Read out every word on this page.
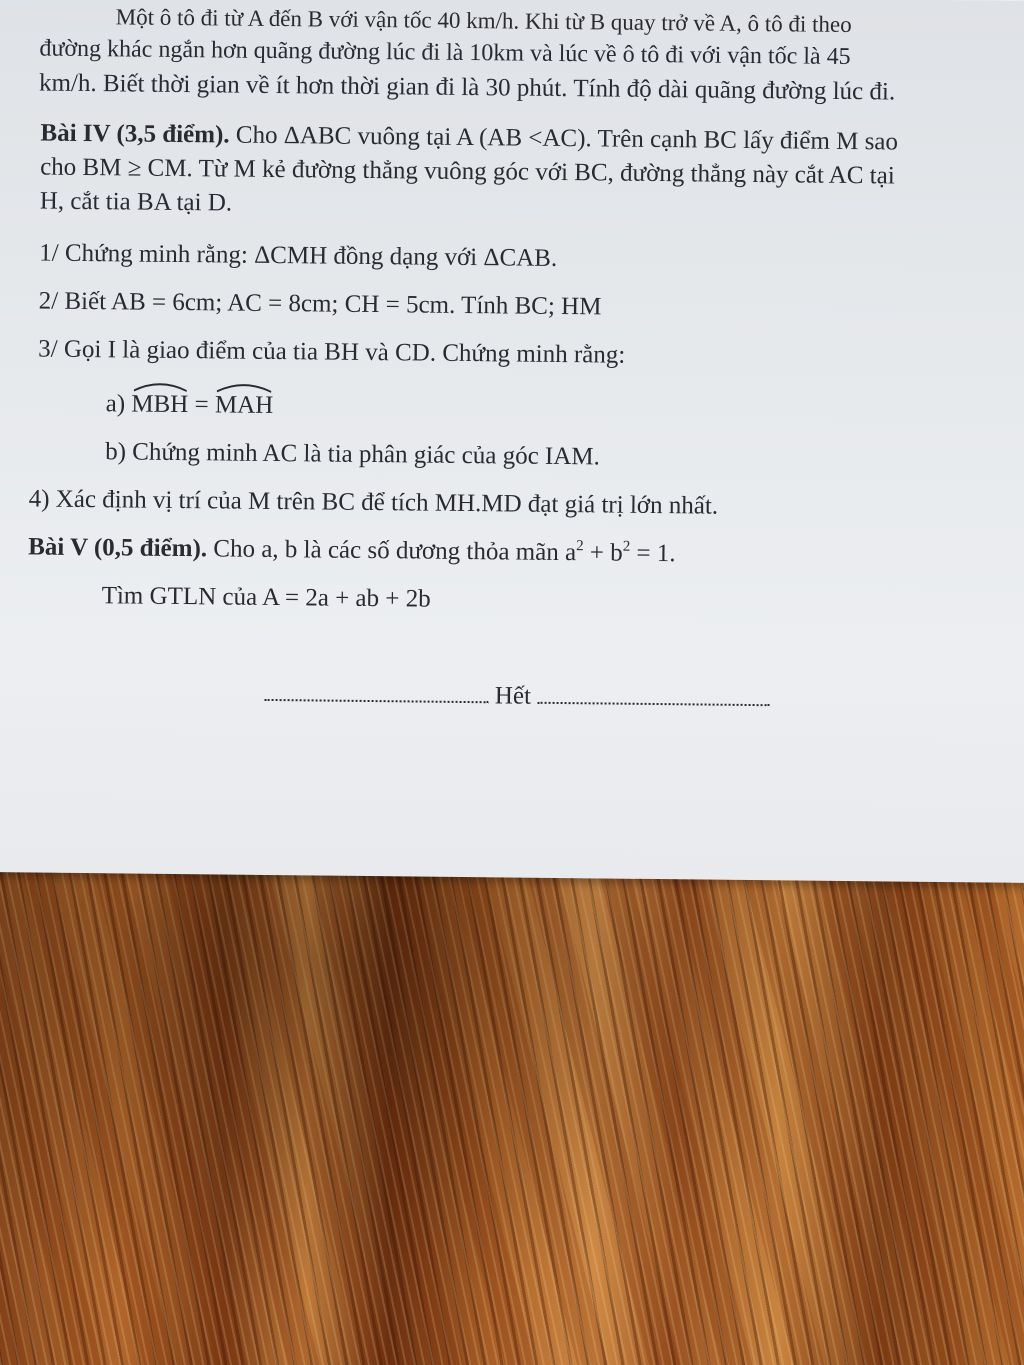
Một ô tô đi từ A đến B với vận tốc 40 km/h. Khi từ B quay trở về A, ô tô đi theo
đường khác ngắn hơn quãng đường lúc đi là 10km và lúc về ô tô đi với vận tốc là 45
km/h. Biết thời gian về ít hơn thời gian đi là 30 phút. Tính độ dài quãng đường lúc đi.
Bài IV (3,5 điểm). Cho ΔABC vuông tại A (AB <AC). Trên cạnh BC lấy điểm M sao
cho BM ≥ CM. Từ M kẻ đường thẳng vuông góc với BC, đường thẳng này cắt AC tại
H, cắt tia BA tại D.
1/ Chứng minh rằng: ΔCMH đồng dạng với ΔCAB.
2/ Biết AB = 6cm; AC = 8cm; CH = 5cm. Tính BC; HM
3/ Gọi I là giao điểm của tia BH và CD. Chứng minh rằng:
a)
MBH =
MAH
b) Chứng minh AC là tia phân giác của góc IAM.
4) Xác định vị trí của M trên BC để tích MH.MD đạt giá trị lớn nhất.
Bài V (0,5 điểm). Cho a, b là các số dương thỏa mãn $a^2 + b^2 = 1$.
Tìm GTLN của A = 2a + ab + 2b
Hết
